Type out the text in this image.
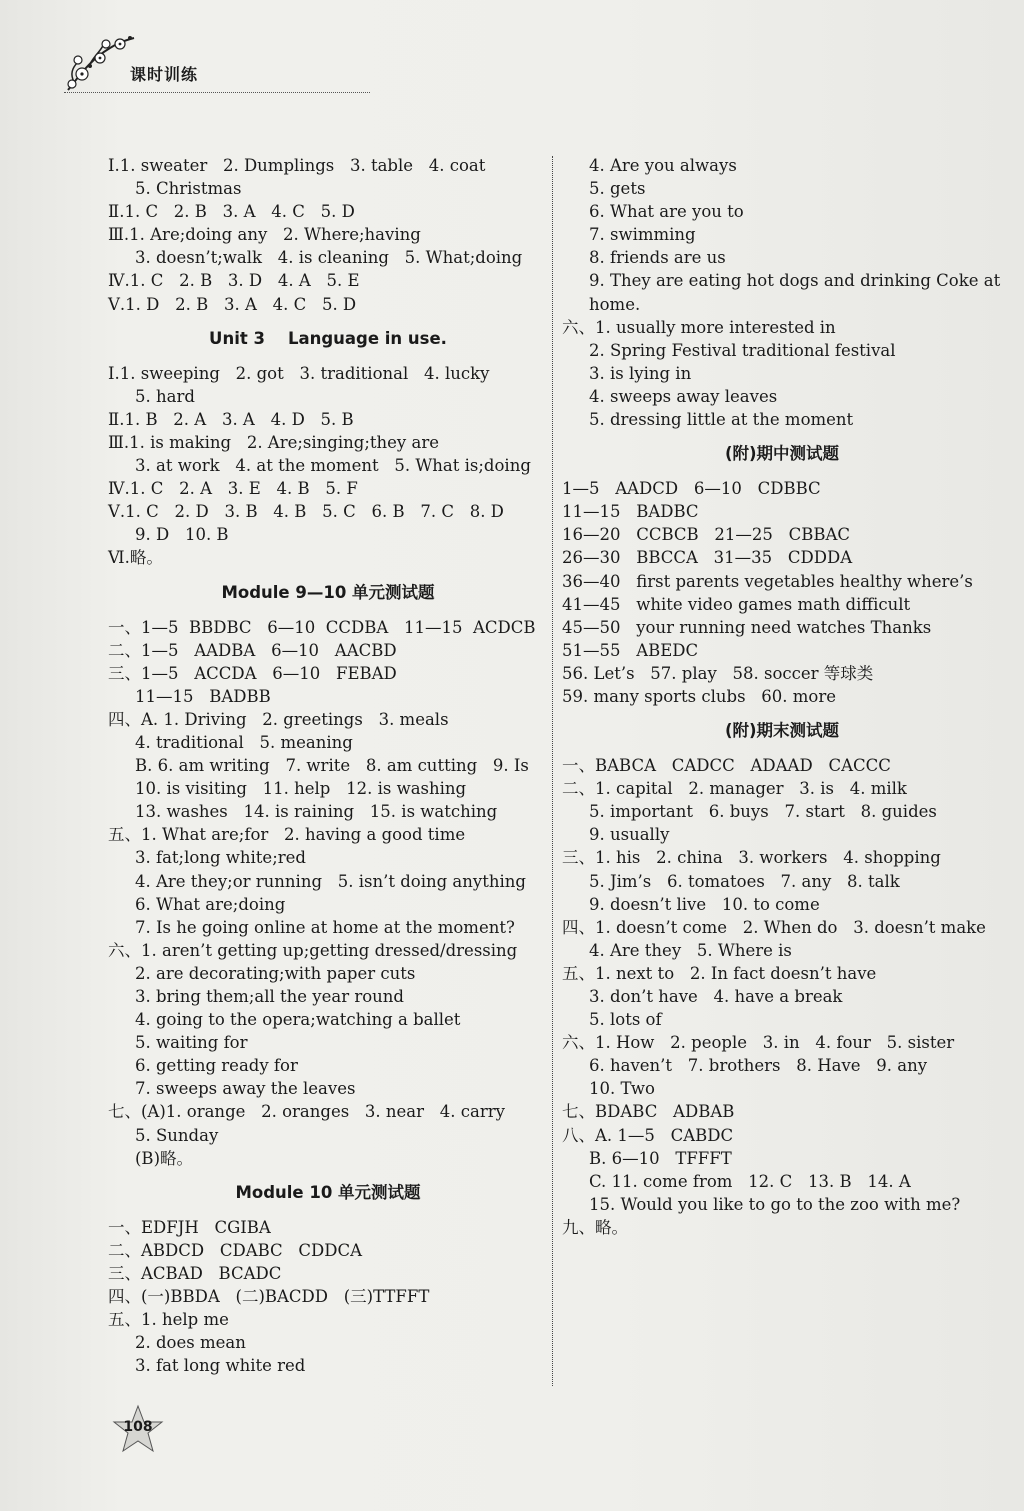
课时训练
Ⅰ.1. sweater   2. Dumplings   3. table   4. coat
5. Christmas
Ⅱ.1. C   2. B   3. A   4. C   5. D
Ⅲ.1. Are;doing any   2. Where;having
3. doesn’t;walk   4. is cleaning   5. What;doing
Ⅳ.1. C   2. B   3. D   4. A   5. E
Ⅴ.1. D   2. B   3. A   4. C   5. D
Unit 3    Language in use.
Ⅰ.1. sweeping   2. got   3. traditional   4. lucky
5. hard
Ⅱ.1. B   2. A   3. A   4. D   5. B
Ⅲ.1. is making   2. Are;singing;they are
3. at work   4. at the moment   5. What is;doing
Ⅳ.1. C   2. A   3. E   4. B   5. F
Ⅴ.1. C   2. D   3. B   4. B   5. C   6. B   7. C   8. D
9. D   10. B
Ⅵ.略。
Module 9—10 单元测试题
一、1—5  BBDBC   6—10  CCDBA   11—15  ACDCB
二、1—5   AADBA   6—10   AACBD
三、1—5   ACCDA   6—10   FEBAD
11—15   BADBB
四、A. 1. Driving   2. greetings   3. meals
4. traditional   5. meaning
B. 6. am writing   7. write   8. am cutting   9. Is
10. is visiting   11. help   12. is washing
13. washes   14. is raining   15. is watching
五、1. What are;for   2. having a good time
3. fat;long white;red
4. Are they;or running   5. isn’t doing anything
6. What are;doing
7. Is he going online at home at the moment?
六、1. aren’t getting up;getting dressed/dressing
2. are decorating;with paper cuts
3. bring them;all the year round
4. going to the opera;watching a ballet
5. waiting for
6. getting ready for
7. sweeps away the leaves
七、(A)1. orange   2. oranges   3. near   4. carry
5. Sunday
(B)略。
Module 10 单元测试题
一、EDFJH   CGIBA
二、ABDCD   CDABC   CDDCA
三、ACBAD   BCADC
四、(一)BBDA   (二)BACDD   (三)TTFFT
五、1. help me
2. does mean
3. fat long white red
4. Are you always
5. gets
6. What are you to
7. swimming
8. friends are us
9. They are eating hot dogs and drinking Coke at
home.
六、1. usually more interested in
2. Spring Festival traditional festival
3. is lying in
4. sweeps away leaves
5. dressing little at the moment
(附)期中测试题
1—5   AADCD   6—10   CDBBC
11—15   BADBC
16—20   CCBCB   21—25   CBBAC
26—30   BBCCA   31—35   CDDDA
36—40   first parents vegetables healthy where’s
41—45   white video games math difficult
45—50   your running need watches Thanks
51—55   ABEDC
56. Let’s   57. play   58. soccer 等球类
59. many sports clubs   60. more
(附)期末测试题
一、BABCA   CADCC   ADAAD   CACCC
二、1. capital   2. manager   3. is   4. milk
5. important   6. buys   7. start   8. guides
9. usually
三、1. his   2. china   3. workers   4. shopping
5. Jim’s   6. tomatoes   7. any   8. talk
9. doesn’t live   10. to come
四、1. doesn’t come   2. When do   3. doesn’t make
4. Are they   5. Where is
五、1. next to   2. In fact doesn’t have
3. don’t have   4. have a break
5. lots of
六、1. How   2. people   3. in   4. four   5. sister
6. haven’t   7. brothers   8. Have   9. any
10. Two
七、BDABC   ADBAB
八、A. 1—5   CABDC
B. 6—10   TFFFT
C. 11. come from   12. C   13. B   14. A
15. Would you like to go to the zoo with me?
九、略。
108
